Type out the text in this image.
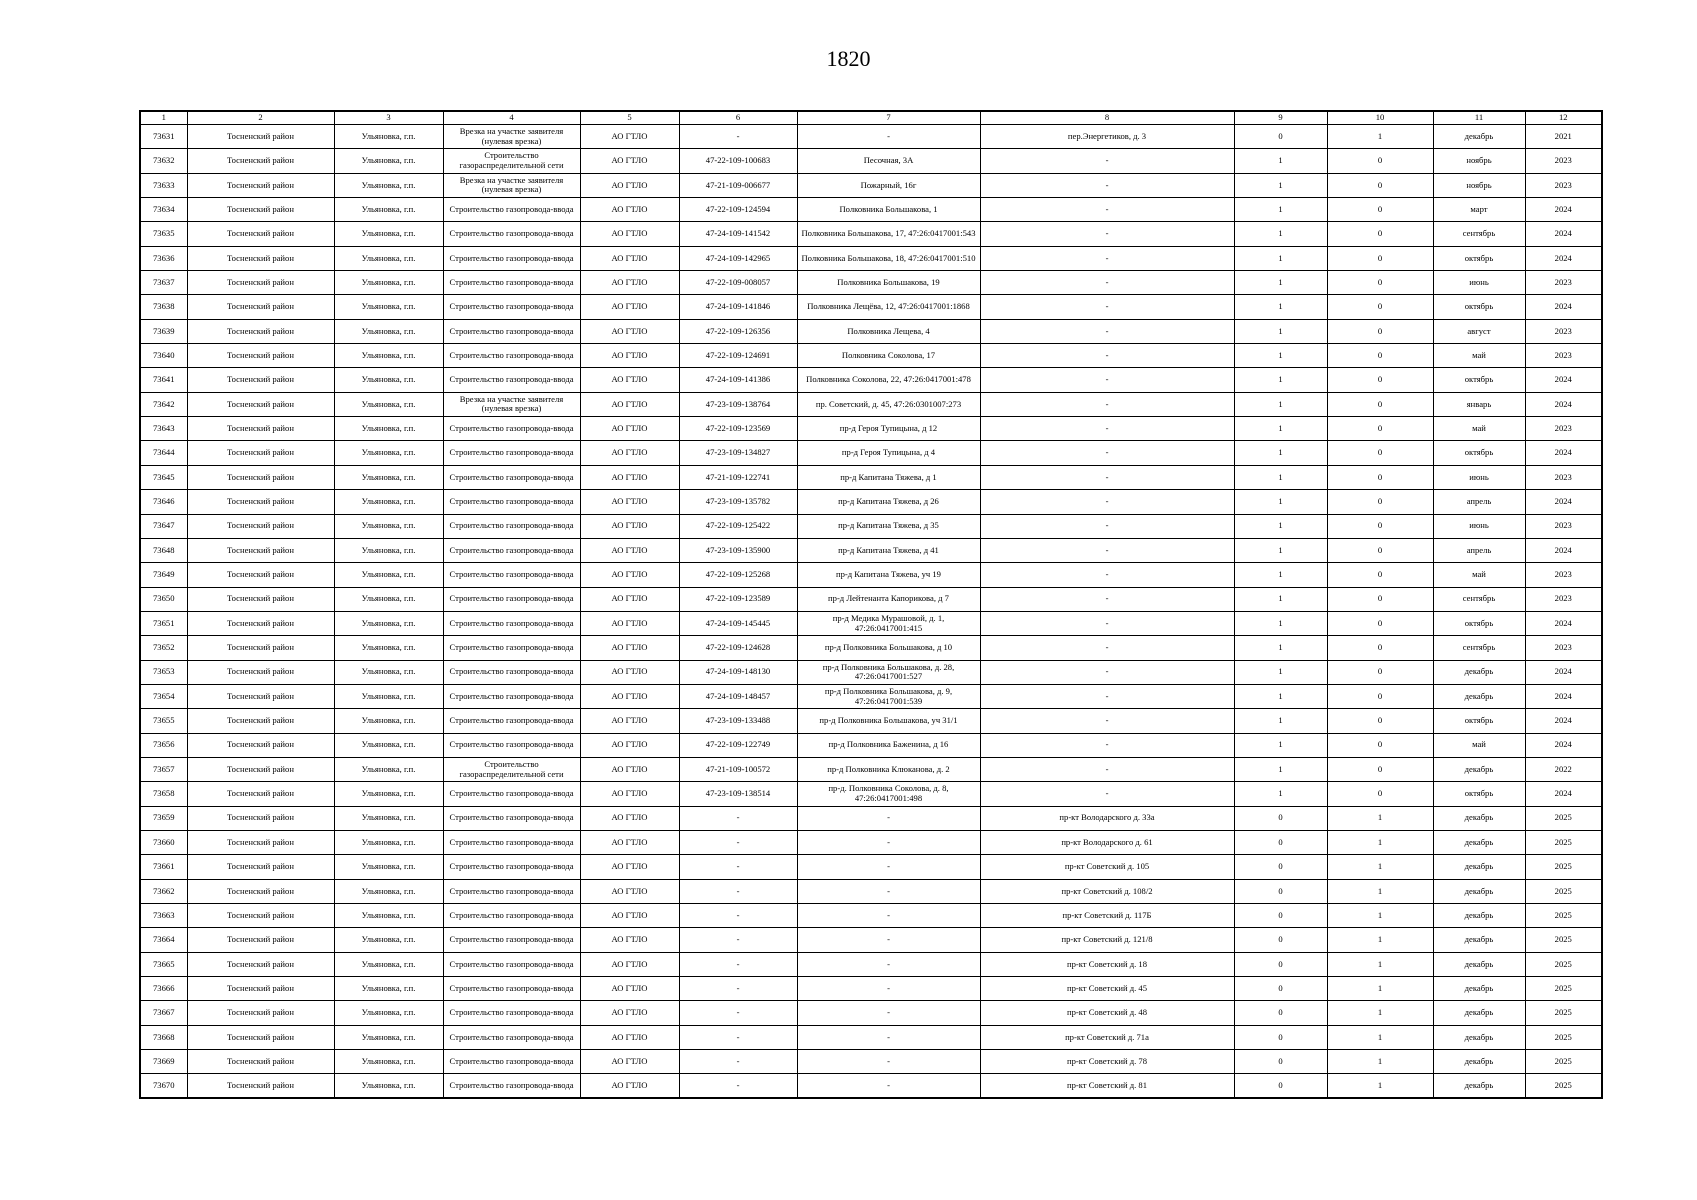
1820
1	2	3	4	5	6	7	8	9	10	11	12
73631	Тосненский район	Ульяновка, г.п.	Врезка на участке заявителя (нулевая врезка)	АО ГТЛО	-	-	пер.Энергетиков, д. 3	0	1	декабрь	2021
73632	Тосненский район	Ульяновка, г.п.	Строительство газораспределительной сети	АО ГТЛО	47-22-109-100683	Песочная, 3А	-	1	0	ноябрь	2023
73633	Тосненский район	Ульяновка, г.п.	Врезка на участке заявителя (нулевая врезка)	АО ГТЛО	47-21-109-006677	Пожарный, 16г	-	1	0	ноябрь	2023
73634	Тосненский район	Ульяновка, г.п.	Строительство газопровода-ввода	АО ГТЛО	47-22-109-124594	Полковника Большакова, 1	-	1	0	март	2024
73635	Тосненский район	Ульяновка, г.п.	Строительство газопровода-ввода	АО ГТЛО	47-24-109-141542	Полковника Большакова, 17, 47:26:0417001:543	-	1	0	сентябрь	2024
73636	Тосненский район	Ульяновка, г.п.	Строительство газопровода-ввода	АО ГТЛО	47-24-109-142965	Полковника Большакова, 18, 47:26:0417001:510	-	1	0	октябрь	2024
73637	Тосненский район	Ульяновка, г.п.	Строительство газопровода-ввода	АО ГТЛО	47-22-109-008057	Полковника Большакова, 19	-	1	0	июнь	2023
73638	Тосненский район	Ульяновка, г.п.	Строительство газопровода-ввода	АО ГТЛО	47-24-109-141846	Полковника Лещёва, 12, 47:26:0417001:1868	-	1	0	октябрь	2024
73639	Тосненский район	Ульяновка, г.п.	Строительство газопровода-ввода	АО ГТЛО	47-22-109-126356	Полковника Лещева, 4	-	1	0	август	2023
73640	Тосненский район	Ульяновка, г.п.	Строительство газопровода-ввода	АО ГТЛО	47-22-109-124691	Полковника Соколова, 17	-	1	0	май	2023
73641	Тосненский район	Ульяновка, г.п.	Строительство газопровода-ввода	АО ГТЛО	47-24-109-141386	Полковника Соколова, 22, 47:26:0417001:478	-	1	0	октябрь	2024
73642	Тосненский район	Ульяновка, г.п.	Врезка на участке заявителя (нулевая врезка)	АО ГТЛО	47-23-109-138764	пр. Советский, д. 45, 47:26:0301007:273	-	1	0	январь	2024
73643	Тосненский район	Ульяновка, г.п.	Строительство газопровода-ввода	АО ГТЛО	47-22-109-123569	пр-д Героя Тупицына, д 12	-	1	0	май	2023
73644	Тосненский район	Ульяновка, г.п.	Строительство газопровода-ввода	АО ГТЛО	47-23-109-134827	пр-д Героя Тупицына, д 4	-	1	0	октябрь	2024
73645	Тосненский район	Ульяновка, г.п.	Строительство газопровода-ввода	АО ГТЛО	47-21-109-122741	пр-д Капитана Тяжева, д 1	-	1	0	июнь	2023
73646	Тосненский район	Ульяновка, г.п.	Строительство газопровода-ввода	АО ГТЛО	47-23-109-135782	пр-д Капитана Тяжева, д 26	-	1	0	апрель	2024
73647	Тосненский район	Ульяновка, г.п.	Строительство газопровода-ввода	АО ГТЛО	47-22-109-125422	пр-д Капитана Тяжева, д 35	-	1	0	июнь	2023
73648	Тосненский район	Ульяновка, г.п.	Строительство газопровода-ввода	АО ГТЛО	47-23-109-135900	пр-д Капитана Тяжева, д 41	-	1	0	апрель	2024
73649	Тосненский район	Ульяновка, г.п.	Строительство газопровода-ввода	АО ГТЛО	47-22-109-125268	пр-д Капитана Тяжева, уч 19	-	1	0	май	2023
73650	Тосненский район	Ульяновка, г.п.	Строительство газопровода-ввода	АО ГТЛО	47-22-109-123589	пр-д Лейтенанта Капорикова, д 7	-	1	0	сентябрь	2023
73651	Тосненский район	Ульяновка, г.п.	Строительство газопровода-ввода	АО ГТЛО	47-24-109-145445	пр-д Медика Мурашовой, д. 1, 47:26:0417001:415	-	1	0	октябрь	2024
73652	Тосненский район	Ульяновка, г.п.	Строительство газопровода-ввода	АО ГТЛО	47-22-109-124628	пр-д Полковника Большакова, д 10	-	1	0	сентябрь	2023
73653	Тосненский район	Ульяновка, г.п.	Строительство газопровода-ввода	АО ГТЛО	47-24-109-148130	пр-д Полковника Большакова, д. 28, 47:26:0417001:527	-	1	0	декабрь	2024
73654	Тосненский район	Ульяновка, г.п.	Строительство газопровода-ввода	АО ГТЛО	47-24-109-148457	пр-д Полковника Большакова, д. 9, 47:26:0417001:539	-	1	0	декабрь	2024
73655	Тосненский район	Ульяновка, г.п.	Строительство газопровода-ввода	АО ГТЛО	47-23-109-133488	пр-д Полковника Большакова, уч 31/1	-	1	0	октябрь	2024
73656	Тосненский район	Ульяновка, г.п.	Строительство газопровода-ввода	АО ГТЛО	47-22-109-122749	пр-д Полковника Баженина, д 16	-	1	0	май	2024
73657	Тосненский район	Ульяновка, г.п.	Строительство газораспределительной сети	АО ГТЛО	47-21-109-100572	пр-д Полковника Клюканова, д. 2	-	1	0	декабрь	2022
73658	Тосненский район	Ульяновка, г.п.	Строительство газопровода-ввода	АО ГТЛО	47-23-109-138514	пр-д. Полковника Соколова, д. 8, 47:26:0417001:498	-	1	0	октябрь	2024
73659	Тосненский район	Ульяновка, г.п.	Строительство газопровода-ввода	АО ГТЛО	-	-	пр-кт Володарского д. 33а	0	1	декабрь	2025
73660	Тосненский район	Ульяновка, г.п.	Строительство газопровода-ввода	АО ГТЛО	-	-	пр-кт Володарского д. 61	0	1	декабрь	2025
73661	Тосненский район	Ульяновка, г.п.	Строительство газопровода-ввода	АО ГТЛО	-	-	пр-кт Советский д. 105	0	1	декабрь	2025
73662	Тосненский район	Ульяновка, г.п.	Строительство газопровода-ввода	АО ГТЛО	-	-	пр-кт Советский д. 108/2	0	1	декабрь	2025
73663	Тосненский район	Ульяновка, г.п.	Строительство газопровода-ввода	АО ГТЛО	-	-	пр-кт Советский д. 117Б	0	1	декабрь	2025
73664	Тосненский район	Ульяновка, г.п.	Строительство газопровода-ввода	АО ГТЛО	-	-	пр-кт Советский д. 121/8	0	1	декабрь	2025
73665	Тосненский район	Ульяновка, г.п.	Строительство газопровода-ввода	АО ГТЛО	-	-	пр-кт Советский д. 18	0	1	декабрь	2025
73666	Тосненский район	Ульяновка, г.п.	Строительство газопровода-ввода	АО ГТЛО	-	-	пр-кт Советский д. 45	0	1	декабрь	2025
73667	Тосненский район	Ульяновка, г.п.	Строительство газопровода-ввода	АО ГТЛО	-	-	пр-кт Советский д. 48	0	1	декабрь	2025
73668	Тосненский район	Ульяновка, г.п.	Строительство газопровода-ввода	АО ГТЛО	-	-	пр-кт Советский д. 71а	0	1	декабрь	2025
73669	Тосненский район	Ульяновка, г.п.	Строительство газопровода-ввода	АО ГТЛО	-	-	пр-кт Советский д. 78	0	1	декабрь	2025
73670	Тосненский район	Ульяновка, г.п.	Строительство газопровода-ввода	АО ГТЛО	-	-	пр-кт Советский д. 81	0	1	декабрь	2025
